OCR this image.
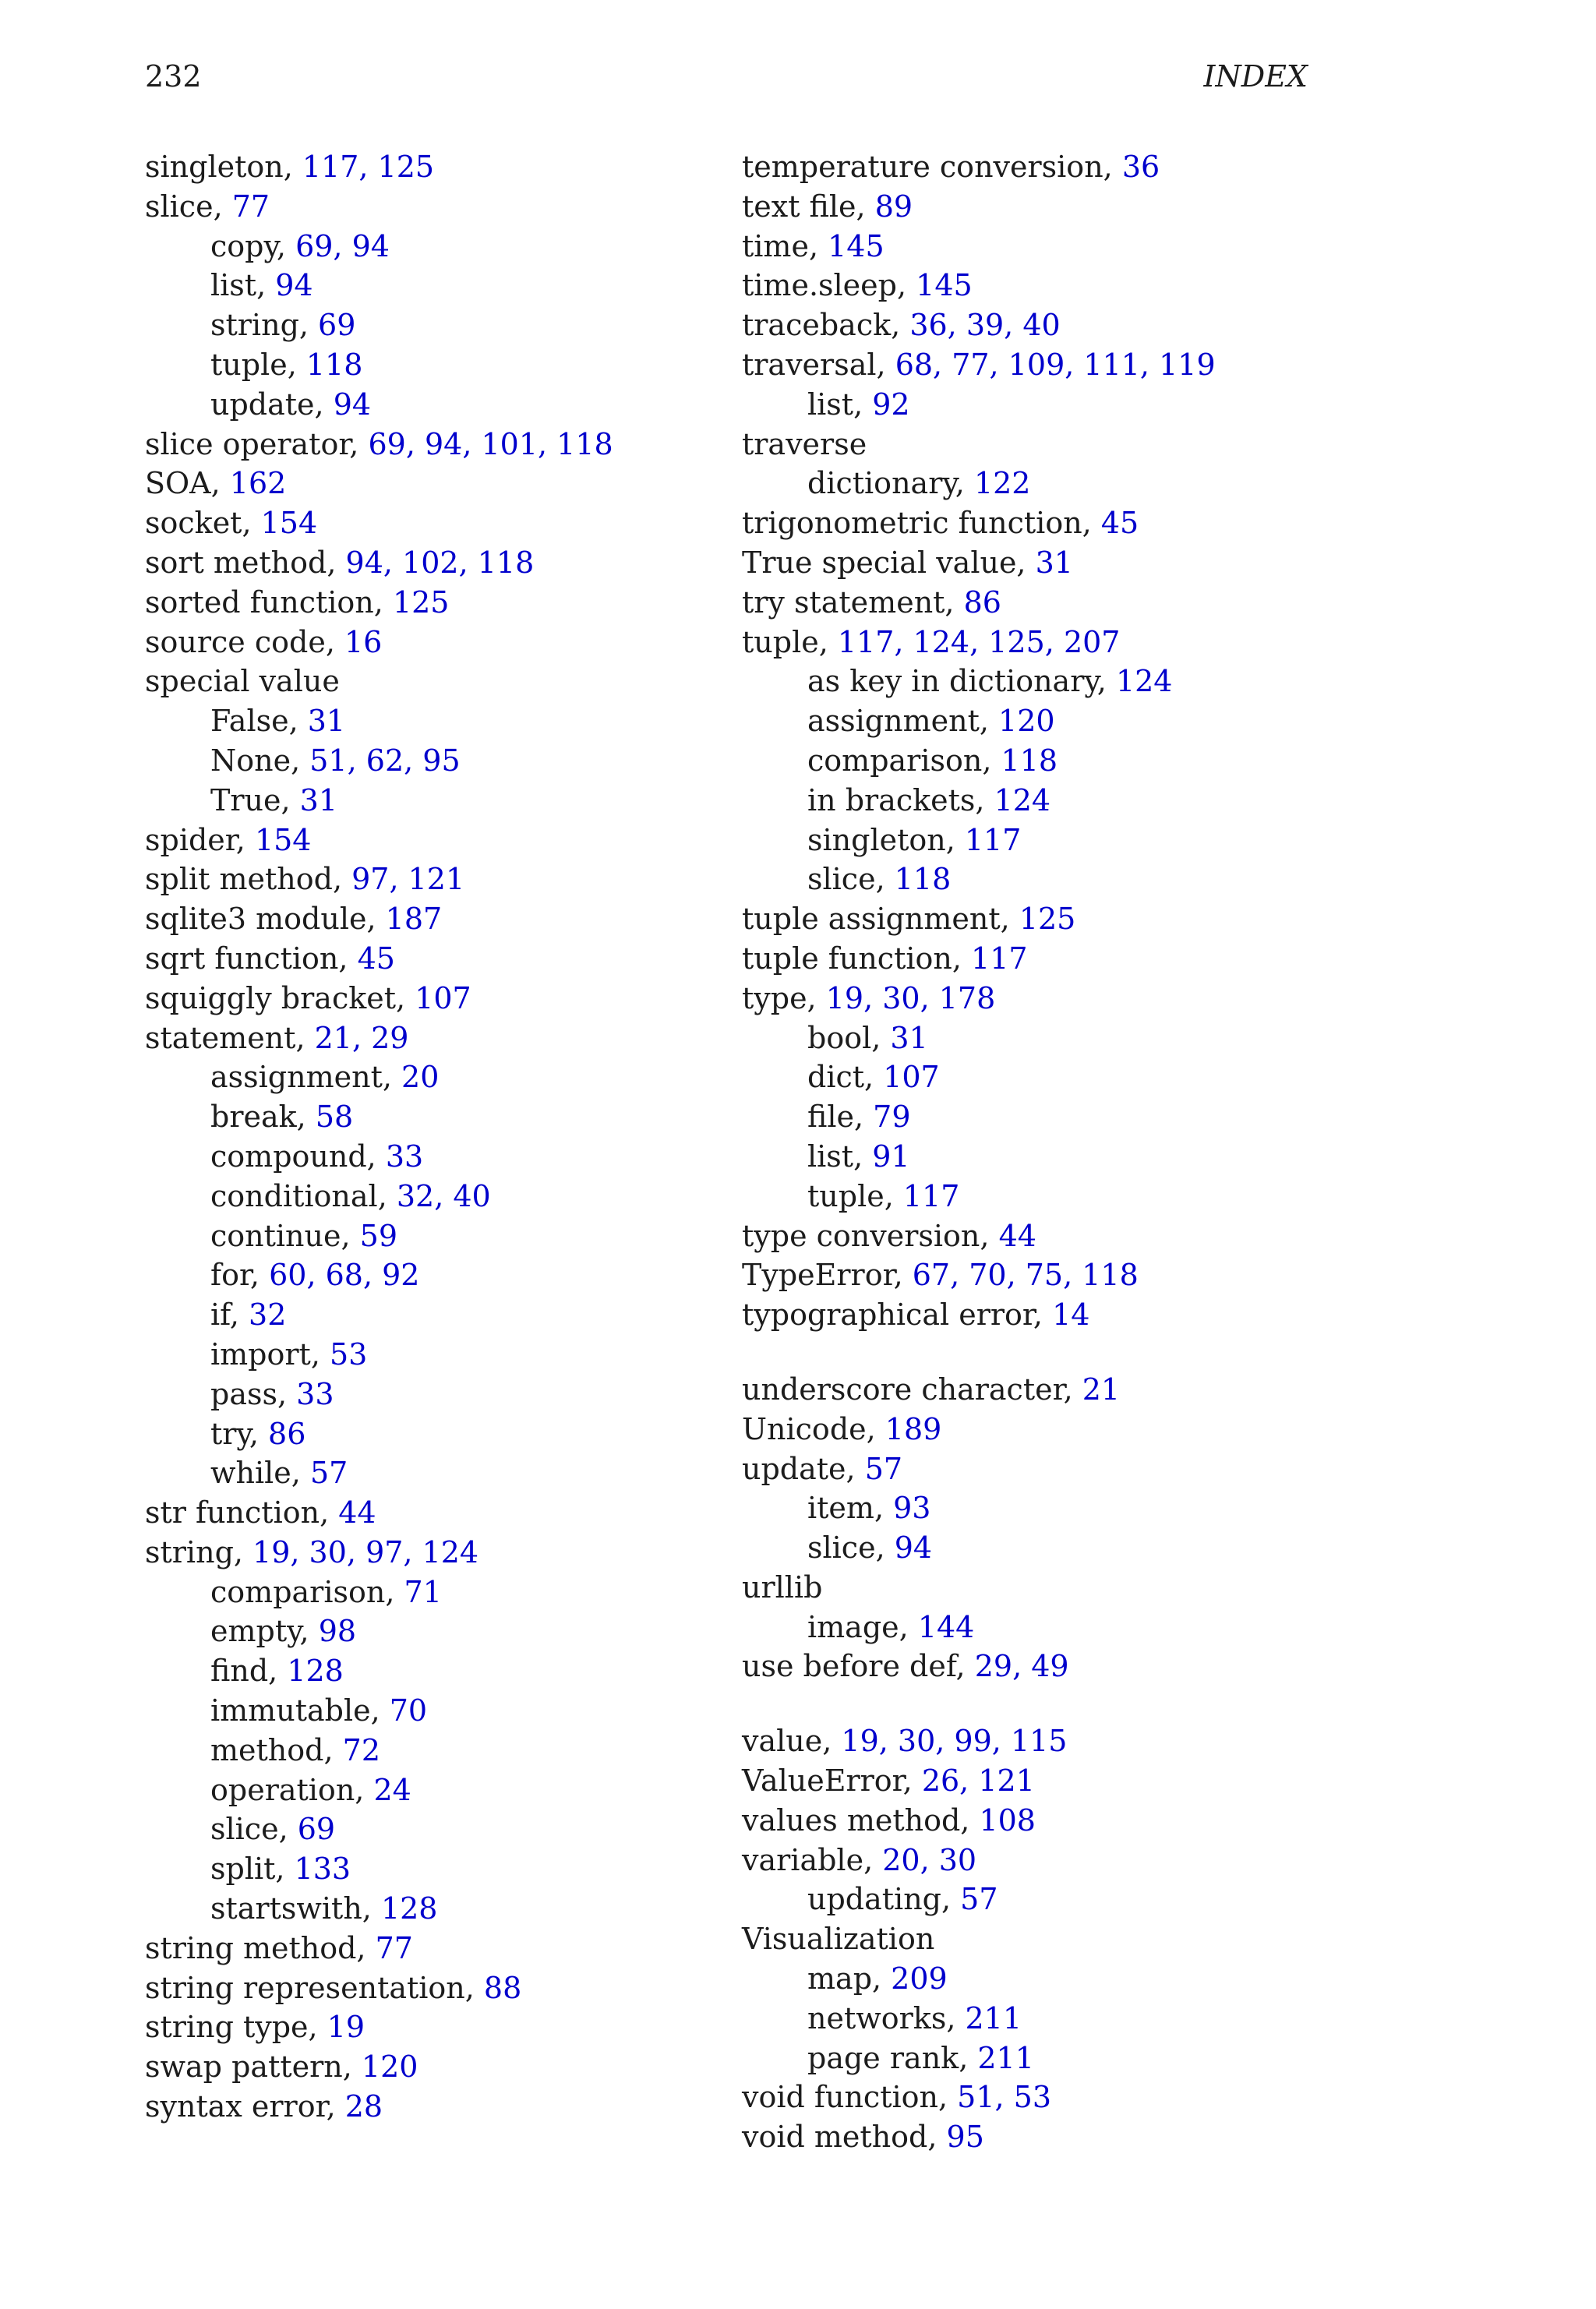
232	INDEX
singleton, 117, 125
slice, 77
copy, 69, 94
list, 94
string, 69
tuple, 118
update, 94
slice operator, 69, 94, 101, 118
SOA, 162
socket, 154
sort method, 94, 102, 118
sorted function, 125
source code, 16
special value
False, 31
None, 51, 62, 95
True, 31
spider, 154
split method, 97, 121
sqlite3 module, 187
sqrt function, 45
squiggly bracket, 107
statement, 21, 29
assignment, 20
break, 58
compound, 33
conditional, 32, 40
continue, 59
for, 60, 68, 92
if, 32
import, 53
pass, 33
try, 86
while, 57
str function, 44
string, 19, 30, 97, 124
comparison, 71
empty, 98
find, 128
immutable, 70
method, 72
operation, 24
slice, 69
split, 133
startswith, 128
string method, 77
string representation, 88
string type, 19
swap pattern, 120
syntax error, 28
temperature conversion, 36
text file, 89
time, 145
time.sleep, 145
traceback, 36, 39, 40
traversal, 68, 77, 109, 111, 119
list, 92
traverse
dictionary, 122
trigonometric function, 45
True special value, 31
try statement, 86
tuple, 117, 124, 125, 207
as key in dictionary, 124
assignment, 120
comparison, 118
in brackets, 124
singleton, 117
slice, 118
tuple assignment, 125
tuple function, 117
type, 19, 30, 178
bool, 31
dict, 107
file, 79
list, 91
tuple, 117
type conversion, 44
TypeError, 67, 70, 75, 118
typographical error, 14
underscore character, 21
Unicode, 189
update, 57
item, 93
slice, 94
urllib
image, 144
use before def, 29, 49
value, 19, 30, 99, 115
ValueError, 26, 121
values method, 108
variable, 20, 30
updating, 57
Visualization
map, 209
networks, 211
page rank, 211
void function, 51, 53
void method, 95
